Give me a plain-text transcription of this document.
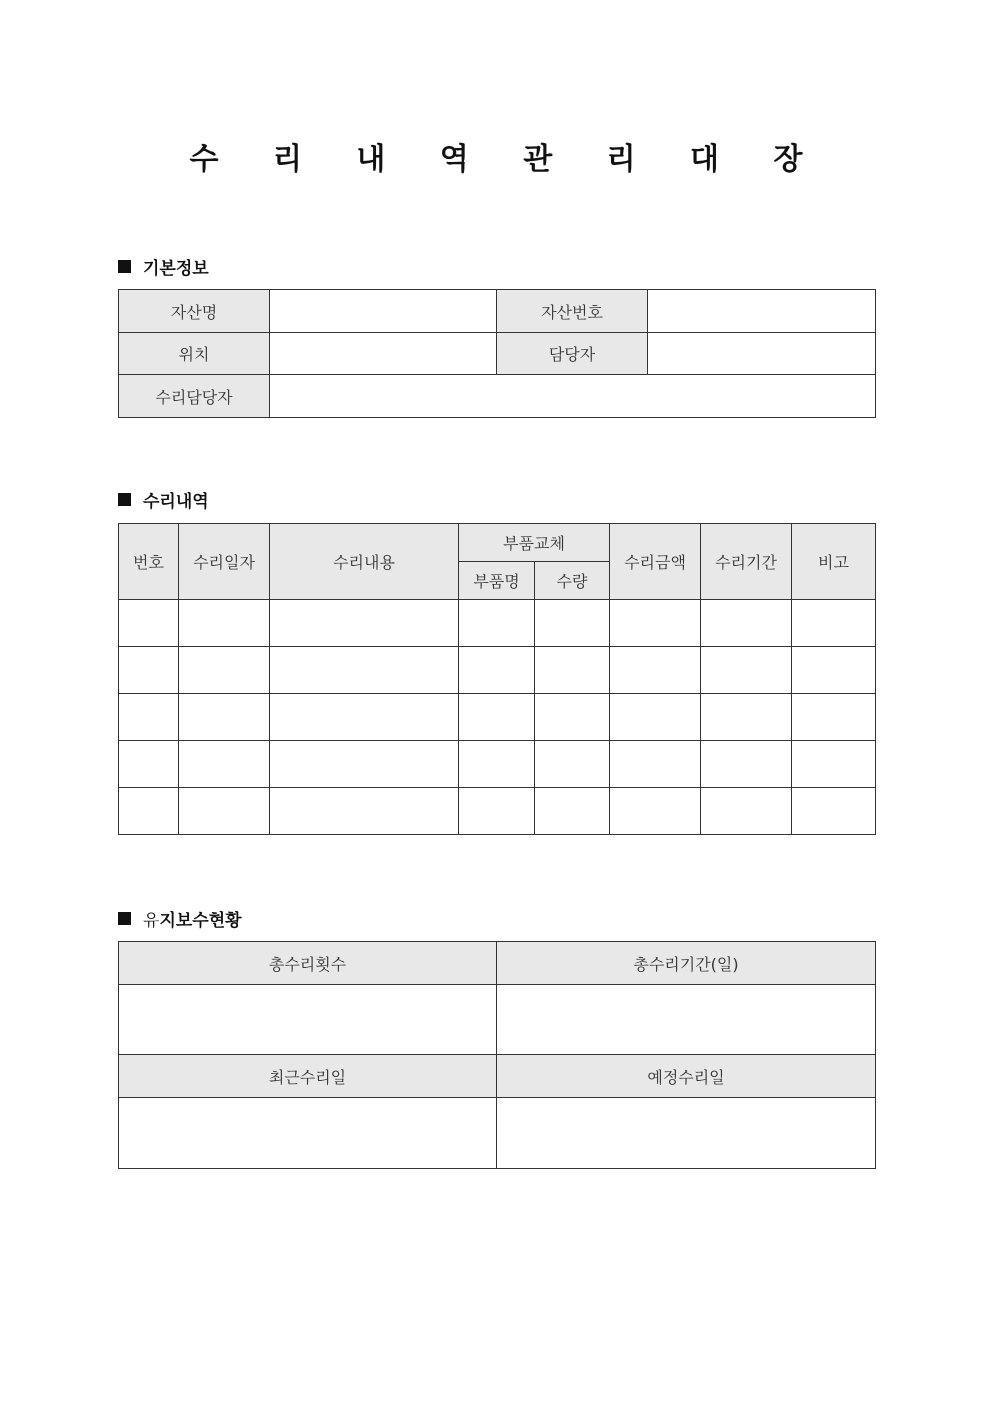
수 리 내 역 관 리 대 장
기본정보
자산명		자산번호	
위치		담당자	
수리담당자			
수리내역
번호	수리일자	수리내용	부품교체		수리금액	수리기간	비고
			부품명	수량			

유 지보수현황
총수리횟수	총수리기간(일)

최근수리일	예정수리일
